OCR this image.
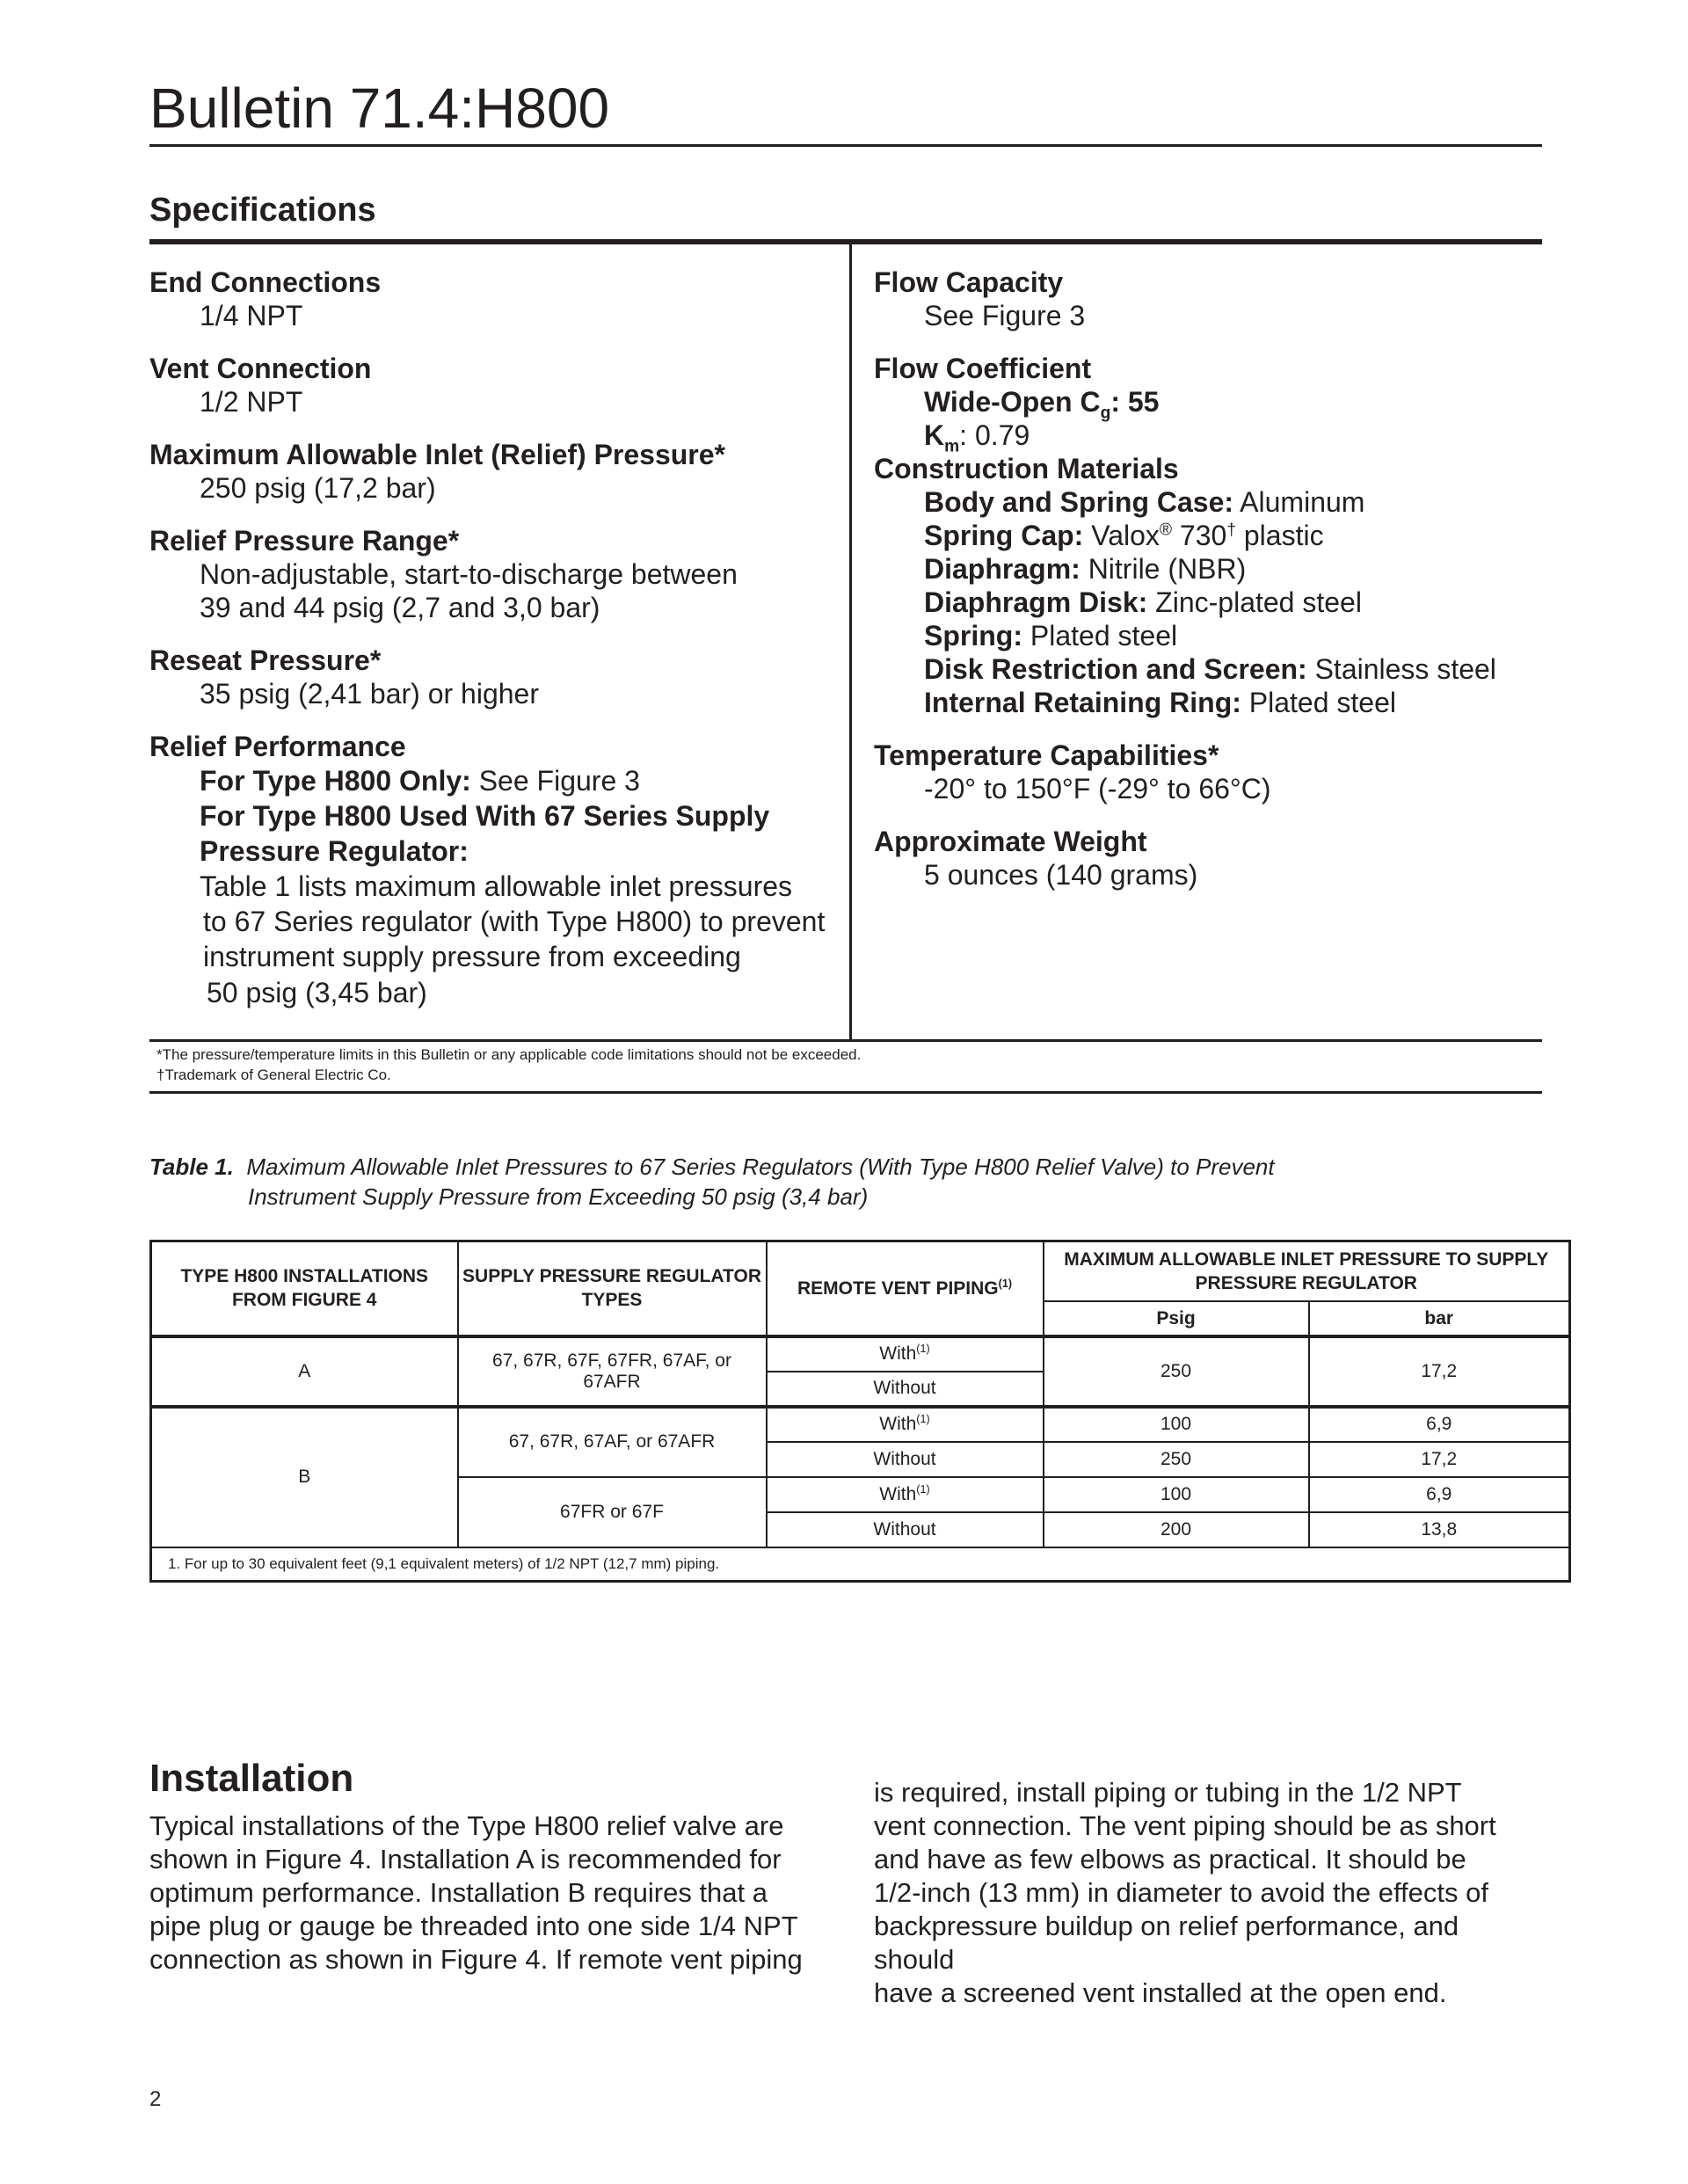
Bulletin 71.4:H800
Specifications
End Connections
1/4 NPT
Vent Connection
1/2 NPT
Maximum Allowable Inlet (Relief) Pressure*
250 psig (17,2 bar)
Relief Pressure Range*
Non-adjustable, start-to-discharge between
39 and 44 psig (2,7 and 3,0 bar)
Reseat Pressure*
35 psig (2,41 bar) or higher
Relief Performance
For Type H800 Only: See Figure 3
For Type H800 Used With 67 Series Supply
Pressure Regulator:
Table 1 lists maximum allowable inlet pressures
to 67 Series regulator (with Type H800) to prevent
instrument supply pressure from exceeding
50 psig (3,45 bar)
Flow Capacity
See Figure 3
Flow Coefficient
Wide-Open $C_g$: 55
$K_m$: 0.79
Construction Materials
Body and Spring Case: Aluminum
Spring Cap: Valox® 730† plastic
Diaphragm: Nitrile (NBR)
Diaphragm Disk: Zinc-plated steel
Spring: Plated steel
Disk Restriction and Screen: Stainless steel
Internal Retaining Ring: Plated steel
Temperature Capabilities*
-20° to 150°F (-29° to 66°C)
Approximate Weight
5 ounces (140 grams)
*The pressure/temperature limits in this Bulletin or any applicable code limitations should not be exceeded.
†Trademark of General Electric Co.
Table 1. Maximum Allowable Inlet Pressures to 67 Series Regulators (With Type H800 Relief Valve) to Prevent
Instrument Supply Pressure from Exceeding 50 psig (3,4 bar)
TYPE H800 INSTALLATIONS FROM FIGURE 4	SUPPLY PRESSURE REGULATOR TYPES	REMOTE VENT PIPING$^{(1)}$	MAXIMUM ALLOWABLE INLET PRESSURE TO SUPPLY PRESSURE REGULATOR	
			Psig	bar
A	67, 67R, 67F, 67FR, 67AF, or 67AFR	With$^{(1)}$	250	17,2
		Without		
B	67, 67R, 67AF, or 67AFR	With$^{(1)}$	100	6,9
		Without	250	17,2
	67FR or 67F	With$^{(1)}$	100	6,9
		Without	200	13,8
1. For up to 30 equivalent feet (9,1 equivalent meters) of 1/2 NPT (12,7 mm) piping.				
Installation

Typical installations of the Type H800 relief valve are

shown in Figure 4. Installation A is recommended for

optimum performance. Installation B requires that a

pipe plug or gauge be threaded into one side 1/4 NPT

connection as shown in Figure 4. If remote vent piping

is required, install piping or tubing in the 1/2 NPT

vent connection. The vent piping should be as short

and have as few elbows as practical. It should be

1/2-inch (13 mm) in diameter to avoid the effects of

backpressure buildup on relief performance, and should

have a screened vent installed at the open end.

2
